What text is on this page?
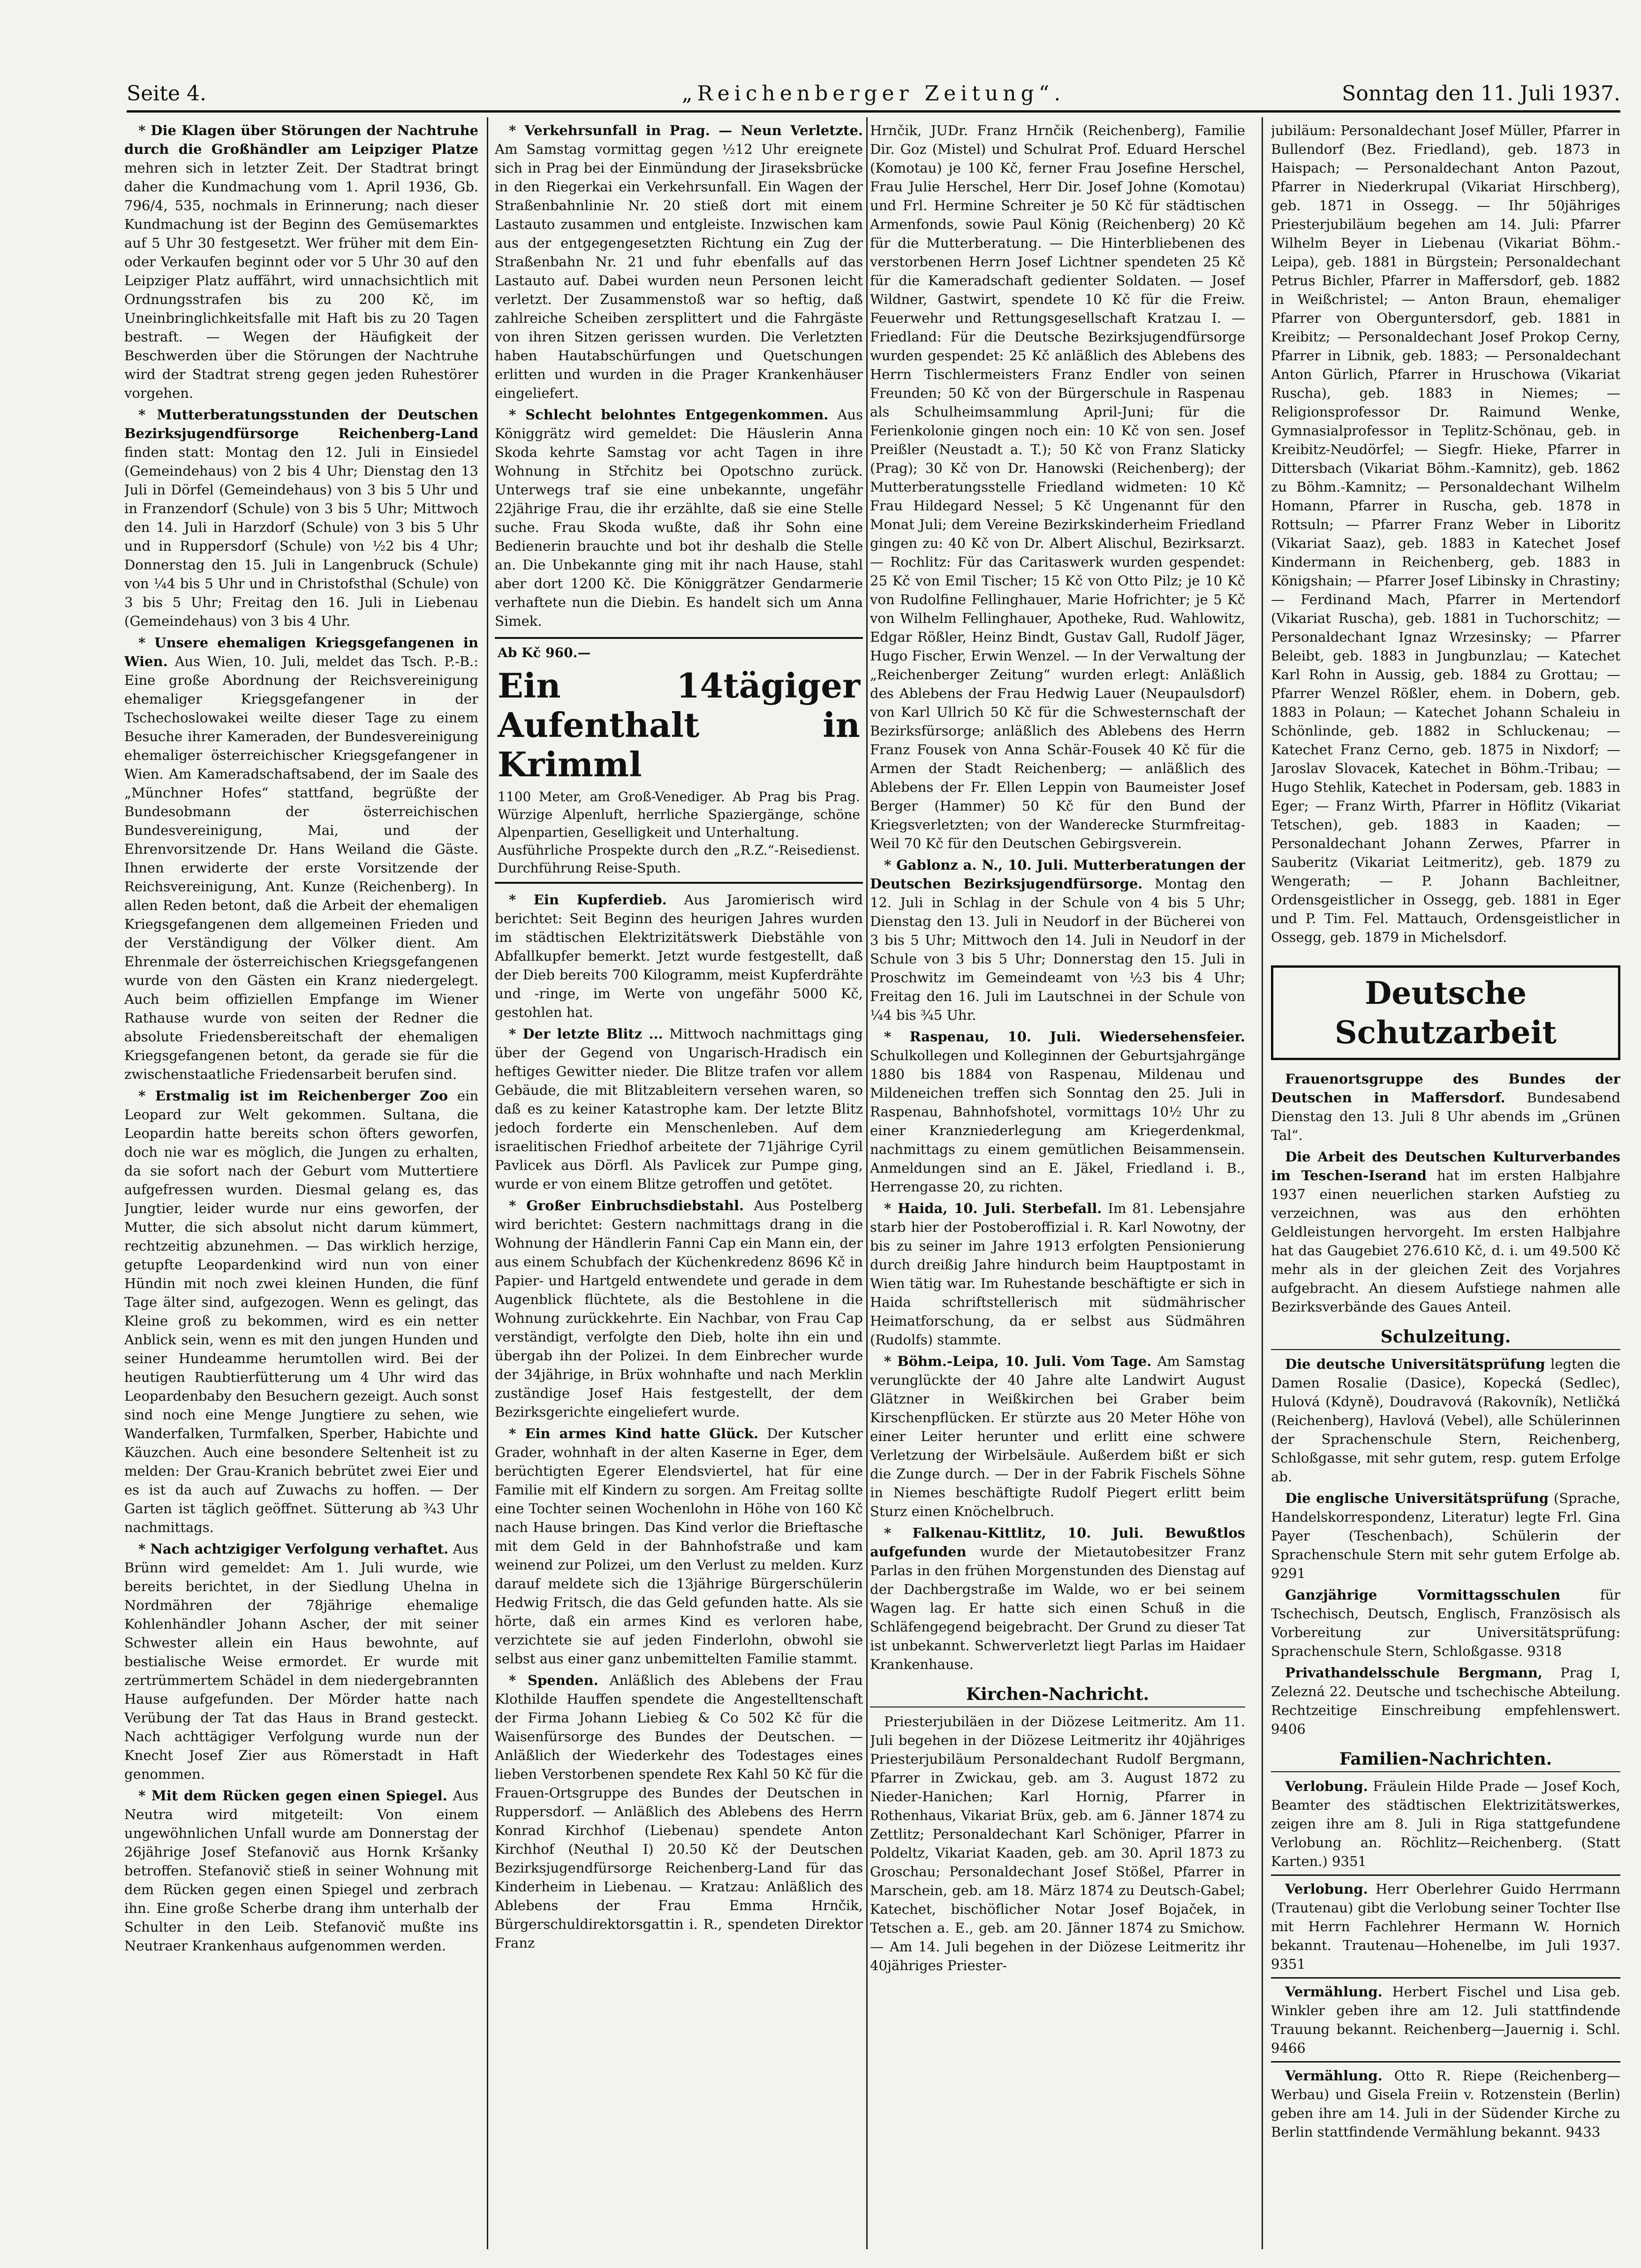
Seite 4.	„Reichenberger Zeitung“.	Sonntag den 11. Juli 1937.

* Die Klagen über Störungen der Nachtruhe durch die Großhändler am Leipziger Platze mehren sich in letzter Zeit. Der Stadtrat bringt daher die Kundmachung vom 1. April 1936, Gb. 796/4, 535, nochmals in Erinnerung; nach dieser Kundmachung ist der Beginn des Gemüsemarktes auf 5 Uhr 30 festgesetzt. Wer früher mit dem Ein- oder Verkaufen beginnt oder vor 5 Uhr 30 auf den Leipziger Platz auffährt, wird unnachsichtlich mit Ordnungsstrafen bis zu 200 Kč, im Uneinbringlichkeitsfalle mit Haft bis zu 20 Tagen bestraft. — Wegen der Häufigkeit der Beschwerden über die Störungen der Nachtruhe wird der Stadtrat streng gegen jeden Ruhestörer vorgehen.

* Mutterberatungsstunden der Deutschen Bezirksjugendfürsorge Reichenberg-Land finden statt: Montag den 12. Juli in Einsiedel (Gemeindehaus) von 2 bis 4 Uhr; Dienstag den 13 Juli in Dörfel (Gemeindehaus) von 3 bis 5 Uhr und in Franzendorf (Schule) von 3 bis 5 Uhr; Mittwoch den 14. Juli in Harzdorf (Schule) von 3 bis 5 Uhr und in Ruppersdorf (Schule) von ½2 bis 4 Uhr; Donnerstag den 15. Juli in Langenbruck (Schule) von ¼4 bis 5 Uhr und in Christofsthal (Schule) von 3 bis 5 Uhr; Freitag den 16. Juli in Liebenau (Gemeindehaus) von 3 bis 4 Uhr.

* Unsere ehemaligen Kriegsgefangenen in Wien. Aus Wien, 10. Juli, meldet das Tsch. P.-B.: Eine große Abordnung der Reichsvereinigung ehemaliger Kriegsgefangener in der Tschechoslowakei weilte dieser Tage zu einem Besuche ihrer Kameraden, der Bundesvereinigung ehemaliger österreichischer Kriegsgefangener in Wien. Am Kameradschaftsabend, der im Saale des „Münchner Hofes“ stattfand, begrüßte der Bundesobmann der österreichischen Bundesvereinigung, Mai, und der Ehrenvorsitzende Dr. Hans Weiland die Gäste. Ihnen erwiderte der erste Vorsitzende der Reichsvereinigung, Ant. Kunze (Reichenberg). In allen Reden betont, daß die Arbeit der ehemaligen Kriegsgefangenen dem allgemeinen Frieden und der Verständigung der Völker dient. Am Ehrenmale der österreichischen Kriegsgefangenen wurde von den Gästen ein Kranz niedergelegt. Auch beim offiziellen Empfange im Wiener Rathause wurde von seiten der Redner die absolute Friedensbereitschaft der ehemaligen Kriegsgefangenen betont, da gerade sie für die zwischenstaatliche Friedensarbeit berufen sind.

* Erstmalig ist im Reichenberger Zoo ein Leopard zur Welt gekommen. Sultana, die Leopardin hatte bereits schon öfters geworfen, doch nie war es möglich, die Jungen zu erhalten, da sie sofort nach der Geburt vom Muttertiere aufgefressen wurden. Diesmal gelang es, das Jungtier, leider wurde nur eins geworfen, der Mutter, die sich absolut nicht darum kümmert, rechtzeitig abzunehmen. — Das wirklich herzige, getupfte Leopardenkind wird nun von einer Hündin mit noch zwei kleinen Hunden, die fünf Tage älter sind, aufgezogen. Wenn es gelingt, das Kleine groß zu bekommen, wird es ein netter Anblick sein, wenn es mit den jungen Hunden und seiner Hundeamme herumtollen wird. Bei der heutigen Raubtierfütterung um 4 Uhr wird das Leopardenbaby den Besuchern gezeigt. Auch sonst sind noch eine Menge Jungtiere zu sehen, wie Wanderfalken, Turmfalken, Sperber, Habichte und Käuzchen. Auch eine besondere Seltenheit ist zu melden: Der Grau-Kranich bebrütet zwei Eier und es ist da auch auf Zuwachs zu hoffen. — Der Garten ist täglich geöffnet. Sütterung ab ¾3 Uhr nachmittags.

* Nach achtzigiger Verfolgung verhaftet. Aus Brünn wird gemeldet: Am 1. Juli wurde, wie bereits berichtet, in der Siedlung Uhelna in Nordmähren der 78jährige ehemalige Kohlenhändler Johann Ascher, der mit seiner Schwester allein ein Haus bewohnte, auf bestialische Weise ermordet. Er wurde mit zertrümmertem Schädel in dem niedergebrannten Hause aufgefunden. Der Mörder hatte nach Verübung der Tat das Haus in Brand gesteckt. Nach achttägiger Verfolgung wurde nun der Knecht Josef Zier aus Römerstadt in Haft genommen.

* Mit dem Rücken gegen einen Spiegel. Aus Neutra wird mitgeteilt: Von einem ungewöhnlichen Unfall wurde am Donnerstag der 26jährige Josef Stefanovič aus Hornk Kršanky betroffen. Stefanovič stieß in seiner Wohnung mit dem Rücken gegen einen Spiegel und zerbrach ihn. Eine große Scherbe drang ihm unterhalb der Schulter in den Leib. Stefanovič mußte ins Neutraer Krankenhaus aufgenommen werden.

* Verkehrsunfall in Prag. — Neun Verletzte. Am Samstag vormittag gegen ½12 Uhr ereignete sich in Prag bei der Einmündung der Jiraseksbrücke in den Riegerkai ein Verkehrsunfall. Ein Wagen der Straßenbahnlinie Nr. 20 stieß dort mit einem Lastauto zusammen und entgleiste. Inzwischen kam aus der entgegengesetzten Richtung ein Zug der Straßenbahn Nr. 21 und fuhr ebenfalls auf das Lastauto auf. Dabei wurden neun Personen leicht verletzt. Der Zusammenstoß war so heftig, daß zahlreiche Scheiben zersplittert und die Fahrgäste von ihren Sitzen gerissen wurden. Die Verletzten haben Hautabschürfungen und Quetschungen erlitten und wurden in die Prager Krankenhäuser eingeliefert.

* Schlecht belohntes Entgegenkommen. Aus Königgrätz wird gemeldet: Die Häuslerin Anna Skoda kehrte Samstag vor acht Tagen in ihre Wohnung in Střchitz bei Opotschno zurück. Unterwegs traf sie eine unbekannte, ungefähr 22jährige Frau, die ihr erzählte, daß sie eine Stelle suche. Frau Skoda wußte, daß ihr Sohn eine Bedienerin brauchte und bot ihr deshalb die Stelle an. Die Unbekannte ging mit ihr nach Hause, stahl aber dort 1200 Kč. Die Königgrätzer Gendarmerie verhaftete nun die Diebin. Es handelt sich um Anna Simek.

Ab Kč 960.—
Ein 14tägiger Aufenthalt in Krimml
1100 Meter, am Groß-Venediger. Ab Prag bis Prag. Würzige Alpenluft, herrliche Spaziergänge, schöne Alpenpartien, Geselligkeit und Unterhaltung.
Ausführliche Prospekte durch den „R.Z.“-Reisedienst. Durchführung Reise-Sputh.

* Ein Kupferdieb. Aus Jaromierisch wird berichtet: Seit Beginn des heurigen Jahres wurden im städtischen Elektrizitätswerk Diebstähle von Abfallkupfer bemerkt. Jetzt wurde festgestellt, daß der Dieb bereits 700 Kilogramm, meist Kupferdrähte und -ringe, im Werte von ungefähr 5000 Kč, gestohlen hat.

* Der letzte Blitz ... Mittwoch nachmittags ging über der Gegend von Ungarisch-Hradisch ein heftiges Gewitter nieder. Die Blitze trafen vor allem Gebäude, die mit Blitzableitern versehen waren, so daß es zu keiner Katastrophe kam. Der letzte Blitz jedoch forderte ein Menschenleben. Auf dem israelitischen Friedhof arbeitete der 71jährige Cyril Pavlicek aus Dörfl. Als Pavlicek zur Pumpe ging, wurde er von einem Blitze getroffen und getötet.

* Großer Einbruchsdiebstahl. Aus Postelberg wird berichtet: Gestern nachmittags drang in die Wohnung der Händlerin Fanni Cap ein Mann ein, der aus einem Schubfach der Küchenkredenz 8696 Kč in Papier- und Hartgeld entwendete und gerade in dem Augenblick flüchtete, als die Bestohlene in die Wohnung zurückkehrte. Ein Nachbar, von Frau Cap verständigt, verfolgte den Dieb, holte ihn ein und übergab ihn der Polizei. In dem Einbrecher wurde der 34jährige, in Brüx wohnhafte und nach Merklin zuständige Josef Hais festgestellt, der dem Bezirksgerichte eingeliefert wurde.

* Ein armes Kind hatte Glück. Der Kutscher Grader, wohnhaft in der alten Kaserne in Eger, dem berüchtigten Egerer Elendsviertel, hat für eine Familie mit elf Kindern zu sorgen. Am Freitag sollte eine Tochter seinen Wochenlohn in Höhe von 160 Kč nach Hause bringen. Das Kind verlor die Brieftasche mit dem Geld in der Bahnhofstraße und kam weinend zur Polizei, um den Verlust zu melden. Kurz darauf meldete sich die 13jährige Bürgerschülerin Hedwig Fritsch, die das Geld gefunden hatte. Als sie hörte, daß ein armes Kind es verloren habe, verzichtete sie auf jeden Finderlohn, obwohl sie selbst aus einer ganz unbemittelten Familie stammt.

* Spenden. Anläßlich des Ablebens der Frau Klothilde Hauffen spendete die Angestelltenschaft der Firma Johann Liebieg & Co 502 Kč für die Waisenfürsorge des Bundes der Deutschen. — Anläßlich der Wiederkehr des Todestages eines lieben Verstorbenen spendete Rex Kahl 50 Kč für die Frauen-Ortsgruppe des Bundes der Deutschen in Ruppersdorf. — Anläßlich des Ablebens des Herrn Konrad Kirchhof (Liebenau) spendete Anton Kirchhof (Neuthal I) 20.50 Kč der Deutschen Bezirksjugendfürsorge Reichenberg-Land für das Kinderheim in Liebenau. — Kratzau: Anläßlich des Ablebens der Frau Emma Hrnčik, Bürgerschuldirektorsgattin i. R., spendeten Direktor Franz

Hrnčik, JUDr. Franz Hrnčik (Reichenberg), Familie Dir. Goz (Mistel) und Schulrat Prof. Eduard Herschel (Komotau) je 100 Kč, ferner Frau Josefine Herschel, Frau Julie Herschel, Herr Dir. Josef Johne (Komotau) und Frl. Hermine Schreiter je 50 Kč für städtischen Armenfonds, sowie Paul König (Reichenberg) 20 Kč für die Mutterberatung. — Die Hinterbliebenen des verstorbenen Herrn Josef Lichtner spendeten 25 Kč für die Kameradschaft gedienter Soldaten. — Josef Wildner, Gastwirt, spendete 10 Kč für die Freiw. Feuerwehr und Rettungsgesellschaft Kratzau I. — Friedland: Für die Deutsche Bezirksjugendfürsorge wurden gespendet: 25 Kč anläßlich des Ablebens des Herrn Tischlermeisters Franz Endler von seinen Freunden; 50 Kč von der Bürgerschule in Raspenau als Schulheimsammlung April-Juni; für die Ferienkolonie gingen noch ein: 10 Kč von sen. Josef Preißler (Neustadt a. T.); 50 Kč von Franz Slaticky (Prag); 30 Kč von Dr. Hanowski (Reichenberg); der Mutterberatungsstelle Friedland widmeten: 10 Kč Frau Hildegard Nessel; 5 Kč Ungenannt für den Monat Juli; dem Vereine Bezirkskinderheim Friedland gingen zu: 40 Kč von Dr. Albert Alischul, Bezirksarzt. — Rochlitz: Für das Caritaswerk wurden gespendet: 25 Kč von Emil Tischer; 15 Kč von Otto Pilz; je 10 Kč von Rudolfine Fellinghauer, Marie Hofrichter; je 5 Kč von Wilhelm Fellinghauer, Apotheke, Rud. Wahlowitz, Edgar Rößler, Heinz Bindt, Gustav Gall, Rudolf Jäger, Hugo Fischer, Erwin Wenzel. — In der Verwaltung der „Reichenberger Zeitung“ wurden erlegt: Anläßlich des Ablebens der Frau Hedwig Lauer (Neupaulsdorf) von Karl Ullrich 50 Kč für die Schwesternschaft der Bezirksfürsorge; anläßlich des Ablebens des Herrn Franz Fousek von Anna Schär-Fousek 40 Kč für die Armen der Stadt Reichenberg; — anläßlich des Ablebens der Fr. Ellen Leppin von Baumeister Josef Berger (Hammer) 50 Kč für den Bund der Kriegsverletzten; von der Wanderecke Sturmfreitag-Weil 70 Kč für den Deutschen Gebirgsverein.

* Gablonz a. N., 10. Juli. Mutterberatungen der Deutschen Bezirksjugendfürsorge. Montag den 12. Juli in Schlag in der Schule von 4 bis 5 Uhr; Dienstag den 13. Juli in Neudorf in der Bücherei von 3 bis 5 Uhr; Mittwoch den 14. Juli in Neudorf in der Schule von 3 bis 5 Uhr; Donnerstag den 15. Juli in Proschwitz im Gemeindeamt von ½3 bis 4 Uhr; Freitag den 16. Juli im Lautschnei in der Schule von ¼4 bis ¾5 Uhr.

* Raspenau, 10. Juli. Wiedersehensfeier. Schulkollegen und Kolleginnen der Geburtsjahrgänge 1880 bis 1884 von Raspenau, Mildenau und Mildeneichen treffen sich Sonntag den 25. Juli in Raspenau, Bahnhofshotel, vormittags 10½ Uhr zu einer Kranzniederlegung am Kriegerdenkmal, nachmittags zu einem gemütlichen Beisammensein. Anmeldungen sind an E. Jäkel, Friedland i. B., Herrengasse 20, zu richten.

* Haida, 10. Juli. Sterbefall. Im 81. Lebensjahre starb hier der Postoberoffizial i. R. Karl Nowotny, der bis zu seiner im Jahre 1913 erfolgten Pensionierung durch dreißig Jahre hindurch beim Hauptpostamt in Wien tätig war. Im Ruhestande beschäftigte er sich in Haida schriftstellerisch mit südmährischer Heimatforschung, da er selbst aus Südmähren (Rudolfs) stammte.

* Böhm.-Leipa, 10. Juli. Vom Tage. Am Samstag verunglückte der 40 Jahre alte Landwirt August Glätzner in Weißkirchen bei Graber beim Kirschenpflücken. Er stürzte aus 20 Meter Höhe von einer Leiter herunter und erlitt eine schwere Verletzung der Wirbelsäule. Außerdem bißt er sich die Zunge durch. — Der in der Fabrik Fischels Söhne in Niemes beschäftigte Rudolf Piegert erlitt beim Sturz einen Knöchelbruch.

* Falkenau-Kittlitz, 10. Juli. Bewußtlos aufgefunden wurde der Mietautobesitzer Franz Parlas in den frühen Morgenstunden des Dienstag auf der Dachbergstraße im Walde, wo er bei seinem Wagen lag. Er hatte sich einen Schuß in die Schläfengegend beigebracht. Der Grund zu dieser Tat ist unbekannt. Schwerverletzt liegt Parlas im Haidaer Krankenhause.

Kirchen-Nachricht.

Priesterjubiläen in der Diözese Leitmeritz. Am 11. Juli begehen in der Diözese Leitmeritz ihr 40jähriges Priesterjubiläum Personaldechant Rudolf Bergmann, Pfarrer in Zwickau, geb. am 3. August 1872 zu Nieder-Hanichen; Karl Hornig, Pfarrer in Rothenhaus, Vikariat Brüx, geb. am 6. Jänner 1874 zu Zettlitz; Personaldechant Karl Schöniger, Pfarrer in Poldeltz, Vikariat Kaaden, geb. am 30. April 1873 zu Groschau; Personaldechant Josef Stößel, Pfarrer in Marschein, geb. am 18. März 1874 zu Deutsch-Gabel; Katechet, bischöflicher Notar Josef Bojaček, in Tetschen a. E., geb. am 20. Jänner 1874 zu Smichow. — Am 14. Juli begehen in der Diözese Leitmeritz ihr 40jähriges Priester-

jubiläum: Personaldechant Josef Müller, Pfarrer in Bullendorf (Bez. Friedland), geb. 1873 in Haispach; — Personaldechant Anton Pazout, Pfarrer in Niederkrupal (Vikariat Hirschberg), geb. 1871 in Ossegg. — Ihr 50jähriges Priesterjubiläum begehen am 14. Juli: Pfarrer Wilhelm Beyer in Liebenau (Vikariat Böhm.-Leipa), geb. 1881 in Bürgstein; Personaldechant Petrus Bichler, Pfarrer in Maffersdorf, geb. 1882 in Weißchristel; — Anton Braun, ehemaliger Pfarrer von Oberguntersdorf, geb. 1881 in Kreibitz; — Personaldechant Josef Prokop Cerny, Pfarrer in Libnik, geb. 1883; — Personaldechant Anton Gürlich, Pfarrer in Hruschowa (Vikariat Ruscha), geb. 1883 in Niemes; — Religionsprofessor Dr. Raimund Wenke, Gymnasialprofessor in Teplitz-Schönau, geb. in Kreibitz-Neudörfel; — Siegfr. Hieke, Pfarrer in Dittersbach (Vikariat Böhm.-Kamnitz), geb. 1862 zu Böhm.-Kamnitz; — Personaldechant Wilhelm Homann, Pfarrer in Ruscha, geb. 1878 in Rottsuln; — Pfarrer Franz Weber in Liboritz (Vikariat Saaz), geb. 1883 in Katechet Josef Kindermann in Reichenberg, geb. 1883 in Königshain; — Pfarrer Josef Libinsky in Chrastiny; — Ferdinand Mach, Pfarrer in Mertendorf (Vikariat Ruscha), geb. 1881 in Tuchorschitz; — Personaldechant Ignaz Wrzesinsky; — Pfarrer Beleibt, geb. 1883 in Jungbunzlau; — Katechet Karl Rohn in Aussig, geb. 1884 zu Grottau; — Pfarrer Wenzel Rößler, ehem. in Dobern, geb. 1883 in Polaun; — Katechet Johann Schaleiu in Schönlinde, geb. 1882 in Schluckenau; — Katechet Franz Cerno, geb. 1875 in Nixdorf; — Jaroslav Slovacek, Katechet in Böhm.-Tribau; — Hugo Stehlik, Katechet in Podersam, geb. 1883 in Eger; — Franz Wirth, Pfarrer in Höflitz (Vikariat Tetschen), geb. 1883 in Kaaden; — Personaldechant Johann Zerwes, Pfarrer in Sauberitz (Vikariat Leitmeritz), geb. 1879 zu Wengerath; — P. Johann Bachleitner, Ordensgeistlicher in Ossegg, geb. 1881 in Eger und P. Tim. Fel. Mattauch, Ordensgeistlicher in Ossegg, geb. 1879 in Michelsdorf.

Deutsche Schutzarbeit

Frauenortsgruppe des Bundes der Deutschen in Maffersdorf. Bundesabend Dienstag den 13. Juli 8 Uhr abends im „Grünen Tal“.

Die Arbeit des Deutschen Kulturverbandes im Teschen-Iserand hat im ersten Halbjahre 1937 einen neuerlichen starken Aufstieg zu verzeichnen, was aus den erhöhten Geldleistungen hervorgeht. Im ersten Halbjahre hat das Gaugebiet 276.610 Kč, d. i. um 49.500 Kč mehr als in der gleichen Zeit des Vorjahres aufgebracht. An diesem Aufstiege nahmen alle Bezirksverbände des Gaues Anteil.

Schulzeitung.

Die deutsche Universitätsprüfung legten die Damen Rosalie (Dasice), Kopecká (Sedlec), Hulová (Kdyně), Doudravová (Rakovník), Netličká (Reichenberg), Havlová (Vebel), alle Schülerinnen der Sprachenschule Stern, Reichenberg, Schloßgasse, mit sehr gutem, resp. gutem Erfolge ab.

Die englische Universitätsprüfung (Sprache, Handelskorrespondenz, Literatur) legte Frl. Gina Payer (Teschenbach), Schülerin der Sprachenschule Stern mit sehr gutem Erfolge ab. 9291

Ganzjährige Vormittagsschulen	für Tschechisch, Deutsch, Englisch, Französisch als Vorbereitung zur Universitätsprüfung: Sprachenschule Stern, Schloßgasse. 9318

Privathandelsschule Bergmann, Prag I, Zelezná 22. Deutsche und tschechische Abteilung. Rechtzeitige Einschreibung empfehlenswert. 9406

Familien-Nachrichten.

Verlobung. Fräulein Hilde Prade — Josef Koch, Beamter des städtischen Elektrizitätswerkes, zeigen ihre am 8. Juli in Riga stattgefundene Verlobung an. Röchlitz—Reichenberg. (Statt Karten.) 9351

Verlobung. Herr Oberlehrer Guido Herrmann (Trautenau) gibt die Verlobung seiner Tochter Ilse mit Herrn Fachlehrer Hermann W. Hornich bekannt. Trautenau—Hohenelbe, im Juli 1937. 9351

Vermählung. Herbert Fischel und Lisa geb. Winkler geben ihre am 12. Juli stattfindende Trauung bekannt. Reichenberg—Jauernig i. Schl. 9466

Vermählung. Otto R. Riepe (Reichenberg—Werbau) und Gisela Freiin v. Rotzenstein (Berlin) geben ihre am 14. Juli in der Südender Kirche zu Berlin stattfindende Vermählung bekannt. 9433
